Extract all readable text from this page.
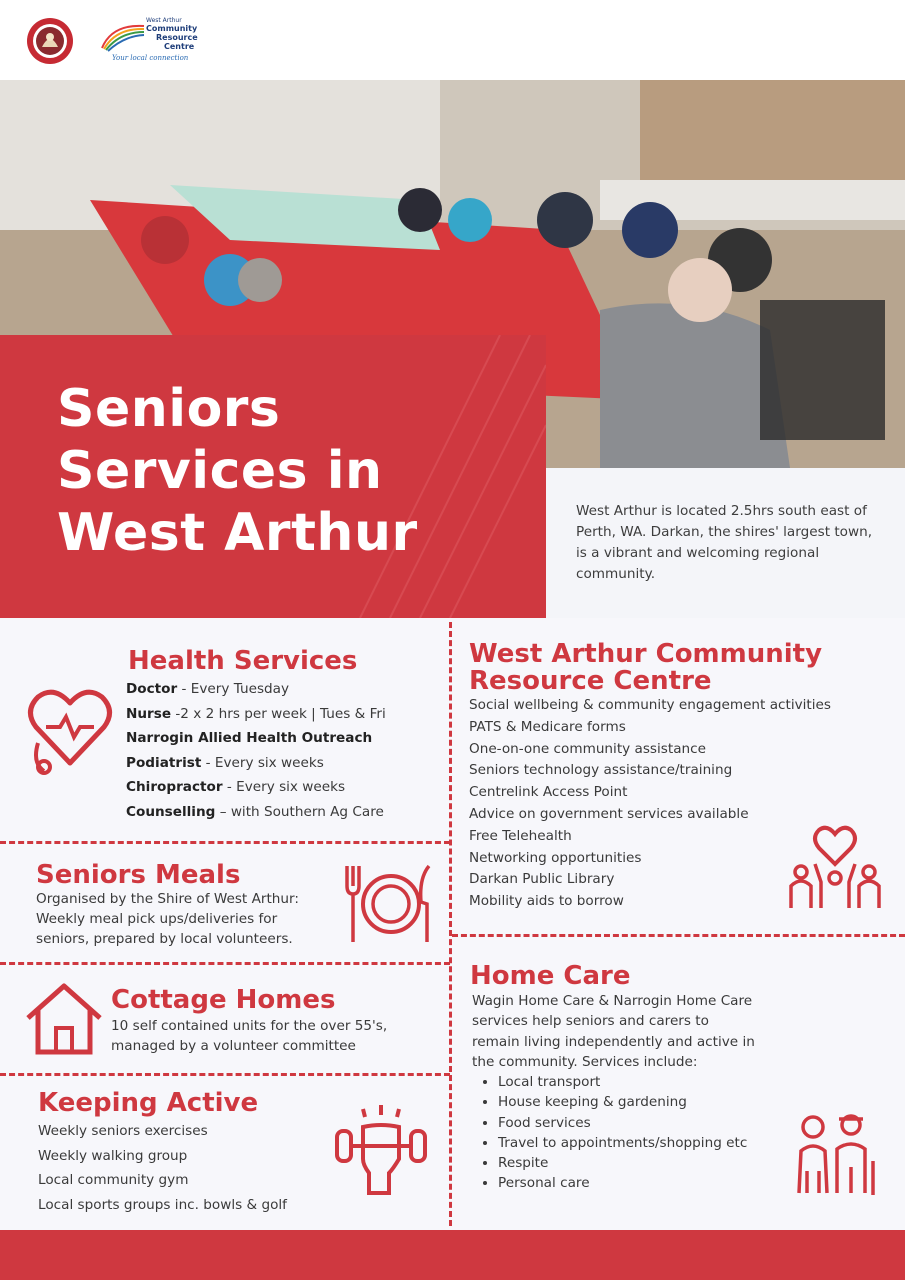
West Arthur
Community
Resource
Centre
Your local connection
Seniors
Services in
West Arthur	West Arthur is located 2.5hrs south east of Perth, WA. Darkan, the shires' largest town, is a vibrant and welcoming regional community.
Health Services
Doctor - Every Tuesday
Nurse -2 x 2 hrs per week | Tues & Fri
Narrogin Allied Health Outreach
Podiatrist - Every six weeks
Chiropractor - Every six weeks
Counselling – with Southern Ag Care
West Arthur Community
Resource Centre
Social wellbeing & community engagement activities
PATS & Medicare forms
One-on-one community assistance
Seniors technology assistance/training
Centrelink Access Point
Advice on government services available
Free Telehealth
Networking opportunities
Darkan Public Library
Mobility aids to borrow
Seniors Meals
Organised by the Shire of West Arthur:
Weekly meal pick ups/deliveries for
seniors, prepared by local volunteers.
Cottage Homes
10 self contained units for the over 55's,
managed by a volunteer committee
Keeping Active
Weekly seniors exercises
Weekly walking group
Local community gym
Local sports groups inc. bowls & golf
Home Care
Wagin Home Care & Narrogin Home Care
services help seniors and carers to
remain living independently and active in
the community. Services include:
• Local transport
• House keeping & gardening
• Food services
• Travel to appointments/shopping etc
• Respite
• Personal care
